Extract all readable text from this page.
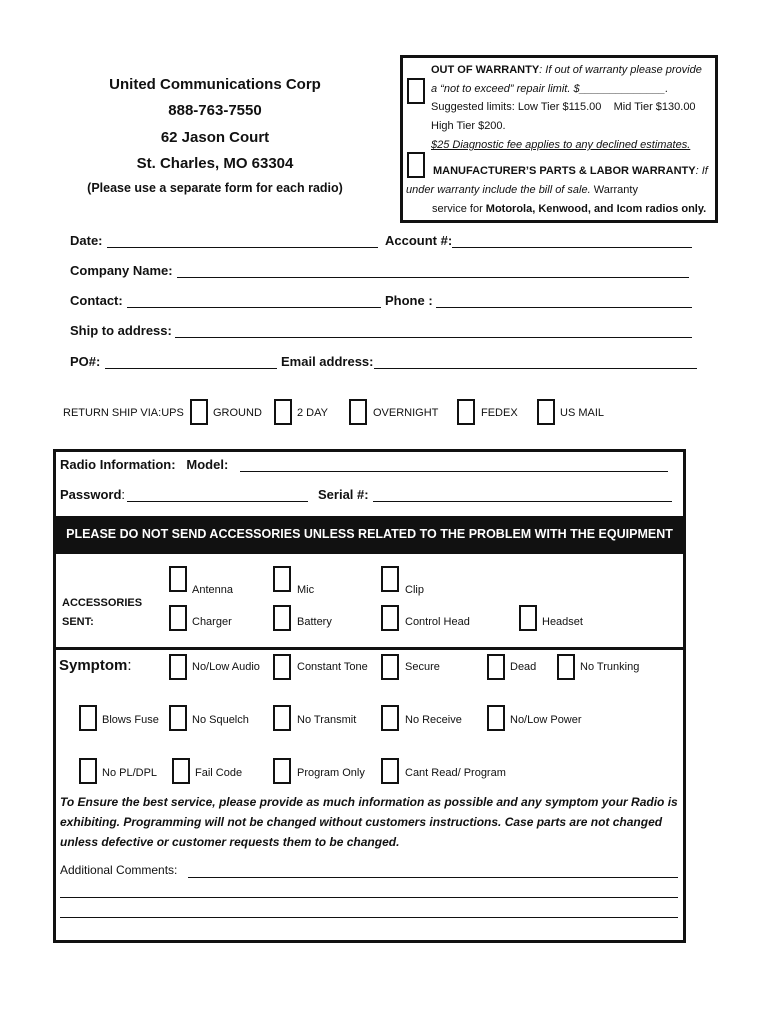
United Communications Corp
888-763-7550
62 Jason Court
St. Charles, MO 63304
(Please use a separate form for each radio)
OUT OF WARRANTY: If out of warranty please provide
a “not to exceed” repair limit. $______________.
Suggested limits: Low Tier $115.00    Mid Tier $130.00
High Tier $200.
$25 Diagnostic fee applies to any declined estimates.
MANUFACTURER’S PARTS & LABOR WARRANTY: If
under warranty include the bill of sale. Warranty
service for Motorola, Kenwood, and Icom radios only.
Date:	Account #:
Company Name:
Contact:	Phone :
Ship to address:
PO#:	Email address:
RETURN SHIP VIA:UPS	GROUND	2 DAY	OVERNIGHT	FEDEX	US MAIL
Radio Information: Model:
Password:	Serial #:
PLEASE DO NOT SEND ACCESSORIES UNLESS RELATED TO THE PROBLEM WITH THE EQUIPMENT
ACCESSORIES
SENT:
Antenna	Mic	Clip
Charger	Battery	Control Head	Headset
Symptom:	No/Low Audio	Constant Tone	Secure	Dead	No Trunking
Blows Fuse	No Squelch	No Transmit	No Receive	No/Low Power
No PL/DPL	Fail Code	Program Only	Cant Read/ Program
To Ensure the best service, please provide as much information as possible and any symptom your Radio is
exhibiting. Programming will not be changed without customers instructions. Case parts are not changed
unless defective or customer requests them to be changed.
Additional Comments:
